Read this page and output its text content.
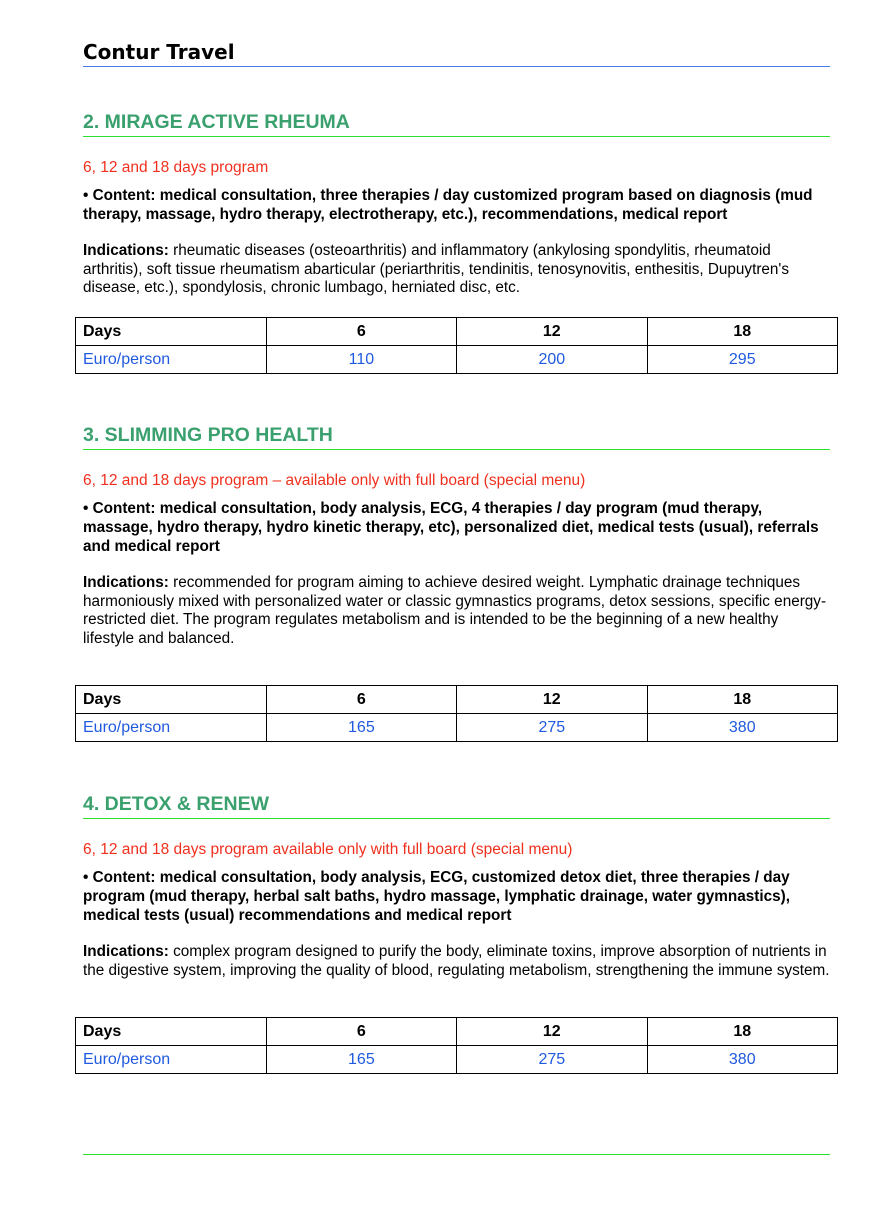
Contur Travel
2. MIRAGE ACTIVE RHEUMA
6, 12 and 18 days program
• Content: medical consultation, three therapies / day customized program based on diagnosis (mud therapy, massage, hydro therapy, electrotherapy, etc.), recommendations, medical report
Indications: rheumatic diseases (osteoarthritis) and inflammatory (ankylosing spondylitis, rheumatoid arthritis), soft tissue rheumatism abarticular (periarthritis, tendinitis, tenosynovitis, enthesitis, Dupuytren's disease, etc.), spondylosis, chronic lumbago, herniated disc, etc.
Days	6	12	18
Euro/person	110	200	295
3. SLIMMING PRO HEALTH
6, 12 and 18 days program – available only with full board (special menu)
• Content: medical consultation, body analysis, ECG, 4 therapies / day program (mud therapy, massage, hydro therapy, hydro kinetic therapy, etc), personalized diet, medical tests (usual), referrals
and medical report
Indications: recommended for program aiming to achieve desired weight. Lymphatic drainage techniques harmoniously mixed with personalized water or classic gymnastics programs, detox sessions, specific energy-restricted diet. The program regulates metabolism and is intended to be the beginning of a new healthy lifestyle and balanced.
Days	6	12	18
Euro/person	165	275	380
4. DETOX & RENEW
6, 12 and 18 days program available only with full board (special menu)
• Content: medical consultation, body analysis, ECG, customized detox diet, three therapies / day program (mud therapy, herbal salt baths, hydro massage, lymphatic drainage, water gymnastics), medical tests (usual) recommendations and medical report
Indications: complex program designed to purify the body, eliminate toxins, improve absorption of nutrients in the digestive system, improving the quality of blood, regulating metabolism, strengthening the immune system.
Days	6	12	18
Euro/person	165	275	380
